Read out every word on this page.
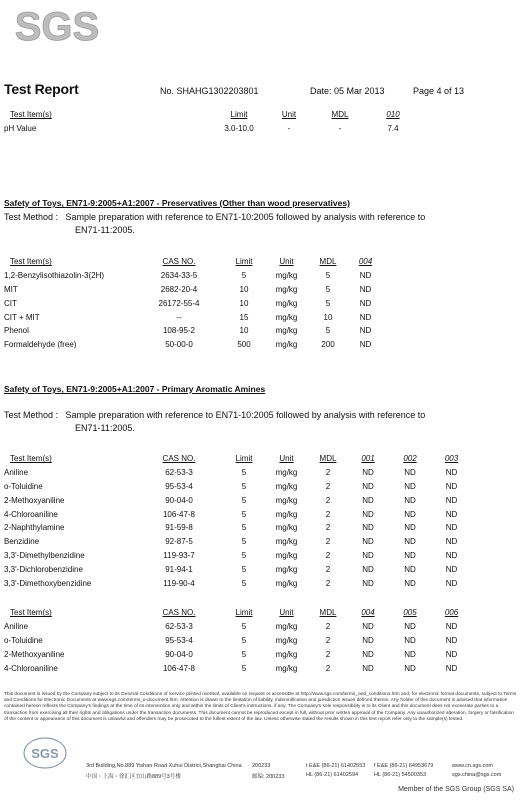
SGS
Test Report	No. SHAHG1302203801	Date: 05 Mar 2013	Page 4 of 13
Test Item(s)	Limit	Unit	MDL	010	
pH Value	3.0-10.0	-	-	7.4	
Safety of Toys, EN71-9:2005+A1:2007 - Preservatives (Other than wood preservatives)
Test Method : Sample preparation with reference to EN71-10:2005 followed by analysis with reference to
EN71-11:2005.
Test Item(s)	CAS NO.	Limit	Unit	MDL	004
1,2-Benzylisothiazolin-3(2H)	2634-33-5	5	mg/kg	5	ND
MIT	2682-20-4	10	mg/kg	5	ND
CIT	26172-55-4	10	mg/kg	5	ND
CIT + MIT	--	15	mg/kg	10	ND
Phenol	108-95-2	10	mg/kg	5	ND
Formaldehyde (free)	50-00-0	500	mg/kg	200	ND
Safety of Toys, EN71-9:2005+A1:2007 - Primary Aromatic Amines
Test Method : Sample preparation with reference to EN71-10:2005 followed by analysis with reference to
EN71-11:2005.
Test Item(s)	CAS NO.	Limit	Unit	MDL	001	002	003
Aniline	62-53-3	5	mg/kg	2	ND	ND	ND
o-Toluidine	95-53-4	5	mg/kg	2	ND	ND	ND
2-Methoxyaniline	90-04-0	5	mg/kg	2	ND	ND	ND
4-Chloroaniline	106-47-8	5	mg/kg	2	ND	ND	ND
2-Naphthylamine	91-59-8	5	mg/kg	2	ND	ND	ND
Benzidine	92-87-5	5	mg/kg	2	ND	ND	ND
3,3'-Dimethylbenzidine	119-93-7	5	mg/kg	2	ND	ND	ND
3,3'-Dichlorobenzidine	91-94-1	5	mg/kg	2	ND	ND	ND
3,3'-Dimethoxybenzidine	119-90-4	5	mg/kg	2	ND	ND	ND
Test Item(s)	CAS NO.	Limit	Unit	MDL	004	005	006
Aniline	62-53-3	5	mg/kg	2	ND	ND	ND
o-Toluidine	95-53-4	5	mg/kg	2	ND	ND	ND
2-Methoxyaniline	90-04-0	5	mg/kg	2	ND	ND	ND
4-Chloroaniline	106-47-8	5	mg/kg	2	ND	ND	ND
This document is issued by the Company subject to its General Conditions of Service printed overleaf, available on request or accessible at http://www.sgs.com/terms_and_conditions.htm and, for electronic format documents, subject to Terms and Conditions for Electronic Documents at www.sgs.com/terms_e-document.htm. Attention is drawn to the limitation of liability, indemnification and jurisdiction issues defined therein. Any holder of this document is advised that information contained hereon reflects the Company's findings at the time of its intervention only and within the limits of Client's instructions, if any. The Company's sole responsibility is to its Client and this document does not exonerate parties to a transaction from exercising all their rights and obligations under the transaction documents. This document cannot be reproduced except in full, without prior written approval of the Company. Any unauthorized alteration, forgery or falsification of the content or appearance of this document is unlawful and offenders may be prosecuted to the fullest extent of the law. Unless otherwise stated the results shown in this test report refer only to the sample(s) tested.
SGS
3rd Building,No.889 Yishan Road Xuhui District,Shanghai China
中国・上海・徐汇区宜山路889号3号楼
200233
邮编: 200233
t E&E (86-21) 61402553
HL (86-21) 61402594
f E&E (86-21) 64953679
HL (86-21) 54500353
www.cn.sgs.com
sgs.china@sgs.com
Member of the SGS Group (SGS SA)
